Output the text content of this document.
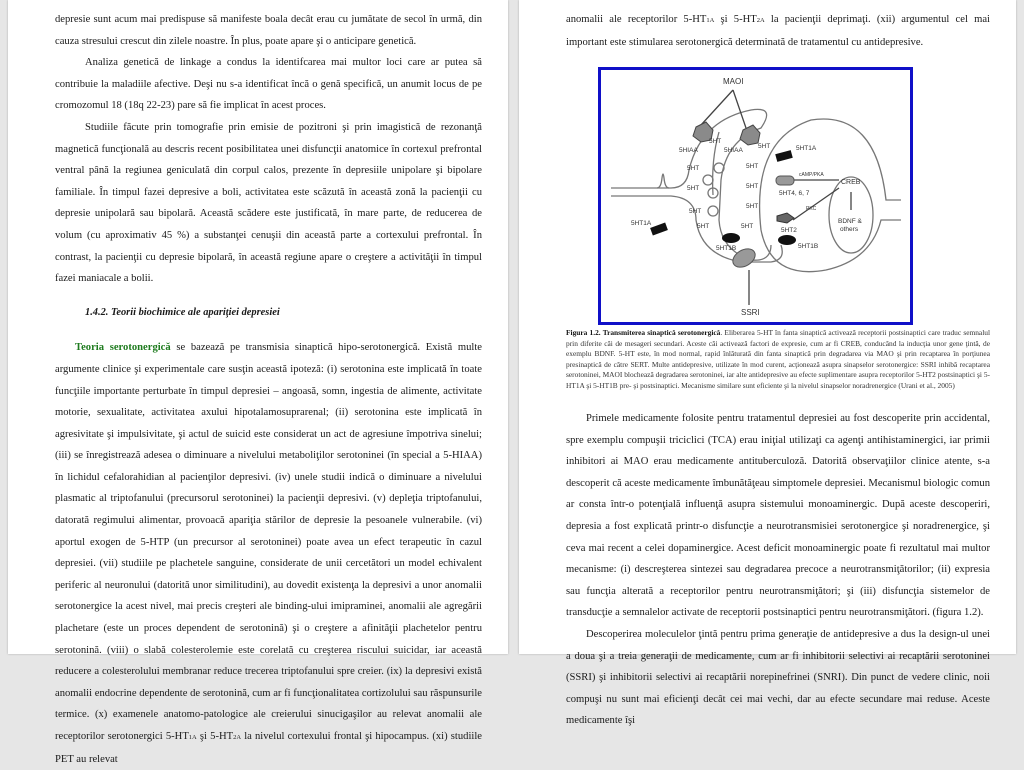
depresie sunt acum mai predispuse să manifeste boala decât erau cu jumătate de secol în urmă, din cauza stresului crescut din zilele noastre. În plus, poate apare şi o anticipare genetică.

Analiza genetică de linkage a condus la identifcarea mai multor loci care ar putea să contribuie la maladiile afective. Deşi nu s-a identificat încă o genă specifică, un anumit locus de pe cromozomul 18 (18q 22-23) pare să fie implicat în acest proces.

Studiile făcute prin tomografie prin emisie de pozitroni şi prin imagistică de rezonanţă magnetică funcţională au descris recent posibilitatea unei disfuncţii anatomice în cortexul prefrontal ventral până la regiunea geniculată din corpul calos, prezente în depresiile unipolare şi bipolare familiale. În timpul fazei depresive a boli, activitatea este scăzută în această zonă la pacienţii cu depresie unipolară sau bipolară. Această scădere este justificată, în mare parte, de reducerea de volum (cu aproximativ 45 %) a substanţei cenuşii din această parte a cortexului prefrontal. În contrast, la pacienţii cu depresie bipolară, în această regiune apare o creştere a activităţii în timpul fazei maniacale a bolii.

1.4.2. Teorii biochimice ale apariţiei depresiei

Teoria serotonergică se bazează pe transmisia sinaptică hipo-serotonergică. Există multe argumente clinice şi experimentale care susţin această ipoteză: (i) serotonina este implicată în toate funcţiile importante perturbate în timpul depresiei – angoasă, somn, ingestia de alimente, activitate motorie, sexualitate, activitatea axului hipotalamosuprarenal; (ii) serotonina este implicată în agresivitate şi impulsivitate, şi actul de suicid este considerat un act de agresiune împotriva sinelui; (iii) se înregistrează adesea o diminuare a nivelului metaboliţilor serotoninei (în special a 5-HIAA) în lichidul cefalorahidian al pacienţilor depresivi. (iv) unele studii indică o diminuare a nivelului plasmatic al triptofanului (precursorul serotoninei) la pacienţii depresivi. (v) depleţia triptofanului, datorată regimului alimentar, provoacă apariţia stărilor de depresie la pesoanele vulnerabile. (vi) aportul exogen de 5-HTP (un precursor al serotoninei) poate avea un efect terapeutic în cazul depresiei. (vii) studiile pe plachetele sanguine, considerate de unii cercetători un model echivalent periferic al neuronului (datorită unor similitudini), au dovedit existenţa la depresivi a unor anomalii serotonergice la acest nivel, mai precis creşteri ale binding-ului imipraminei, anomalii ale agregării plachetare (este un proces dependent de serotonină) şi o creştere a afinităţii plachetelor pentru serotonină. (viii) o slabă colesterolemie este corelată cu creşterea riscului suicidar, iar această reducere a colesterolului membranar reduce trecerea triptofanului spre creier. (ix) la depresivi există anomalii endocrine dependente de serotonină, cum ar fi funcţionalitatea cortizolului sau răspunsurile termice. (x) examenele anatomo-patologice ale creierului sinucigaşilor au relevat anomalii ale receptorilor serotonergici 5-HT1A şi 5-HT2A la nivelul cortexului frontal şi hipocampus. (xi) studiile PET au relevat

anomalii ale receptorilor 5-HT1A şi 5-HT2A la pacienţii deprimaţi. (xii) argumentul cel mai important este stimularea serotonergică determinată de tratamentul cu antidepresive.

MAOI
5HIAA	5HIAA
5HT
5HT
5HT
5HT
5HT
5HT
5HT
5HT
5HT
5HT
5HT1A
5HT4, 6, 7
5HT2
5HT1B
5HT1A
5HT1B
cAMP/PKA
PKC
CREB
BDNF &
others
SSRI
Figura 1.2. Transmiterea sinaptică serotonergică. Eliberarea 5-HT în fanta sinaptică activează receptorii postsinaptici care traduc semnalul prin diferite căi de mesageri secundari. Aceste căi activează factori de expresie, cum ar fi CREB, conducând la inducţia unor gene ţintă, de exemplu BDNF. 5-HT este, în mod normal, rapid înlăturată din fanta sinaptică prin degradarea via MAO şi prin recaptarea în porţiunea presinaptică de către SERT. Multe antidepresive, utilizate în mod curent, acţionează asupra sinapselor serotonergice: SSRI inhibă recaptarea serotoninei, MAOI blochează degradarea serotoninei, iar alte antidepresive au efecte suplimentare asupra receptorilor 5-HT2 postsinaptici şi 5-HT1A şi 5-HT1B pre- şi postsinaptici. Mecanisme similare sunt eficiente şi la nivelul sinapselor noradrenergice (Urani et al., 2005)

Primele medicamente folosite pentru tratamentul depresiei au fost descoperite prin accidental, spre exemplu compuşii triciclici (TCA) erau iniţial utilizaţi ca agenţi antihistaminergici, iar primii inhibitori ai MAO erau medicamente antituberculoză. Datorită observaţiilor clinice atente, s-a descoperit că aceste medicamente îmbunătăţeau simptomele depresiei. Mecanismul biologic comun ar consta într-o potenţială influenţă asupra sistemului monoaminergic. După aceste descoperiri, depresia a fost explicată printr-o disfuncţie a neurotransmisiei serotonergice şi noradrenergice, şi ceva mai recent a celei dopaminergice. Acest deficit monoaminergic poate fi rezultatul mai multor mecanisme: (i) descreşterea sintezei sau degradarea precoce a neurotransmiţătorilor; (ii) expresia sau funcţia alterată a receptorilor pentru neurotransmiţători; şi (iii) disfuncţia sistemelor de transducţie a semnalelor activate de receptorii postsinaptici pentru neurotransmiţători. (figura 1.2).

Descoperirea moleculelor ţintă pentru prima generaţie de antidepresive a dus la design-ul unei a doua şi a treia generaţii de medicamente, cum ar fi inhibitorii selectivi ai recaptării serotoninei (SSRI) şi inhibitorii selectivi ai recaptării norepinefrinei (SNRI). Din punct de vedere clinic, noii compuşi nu sunt mai eficienţi decât cei mai vechi, dar au efecte secundare mai reduse. Aceste medicamente îşi
